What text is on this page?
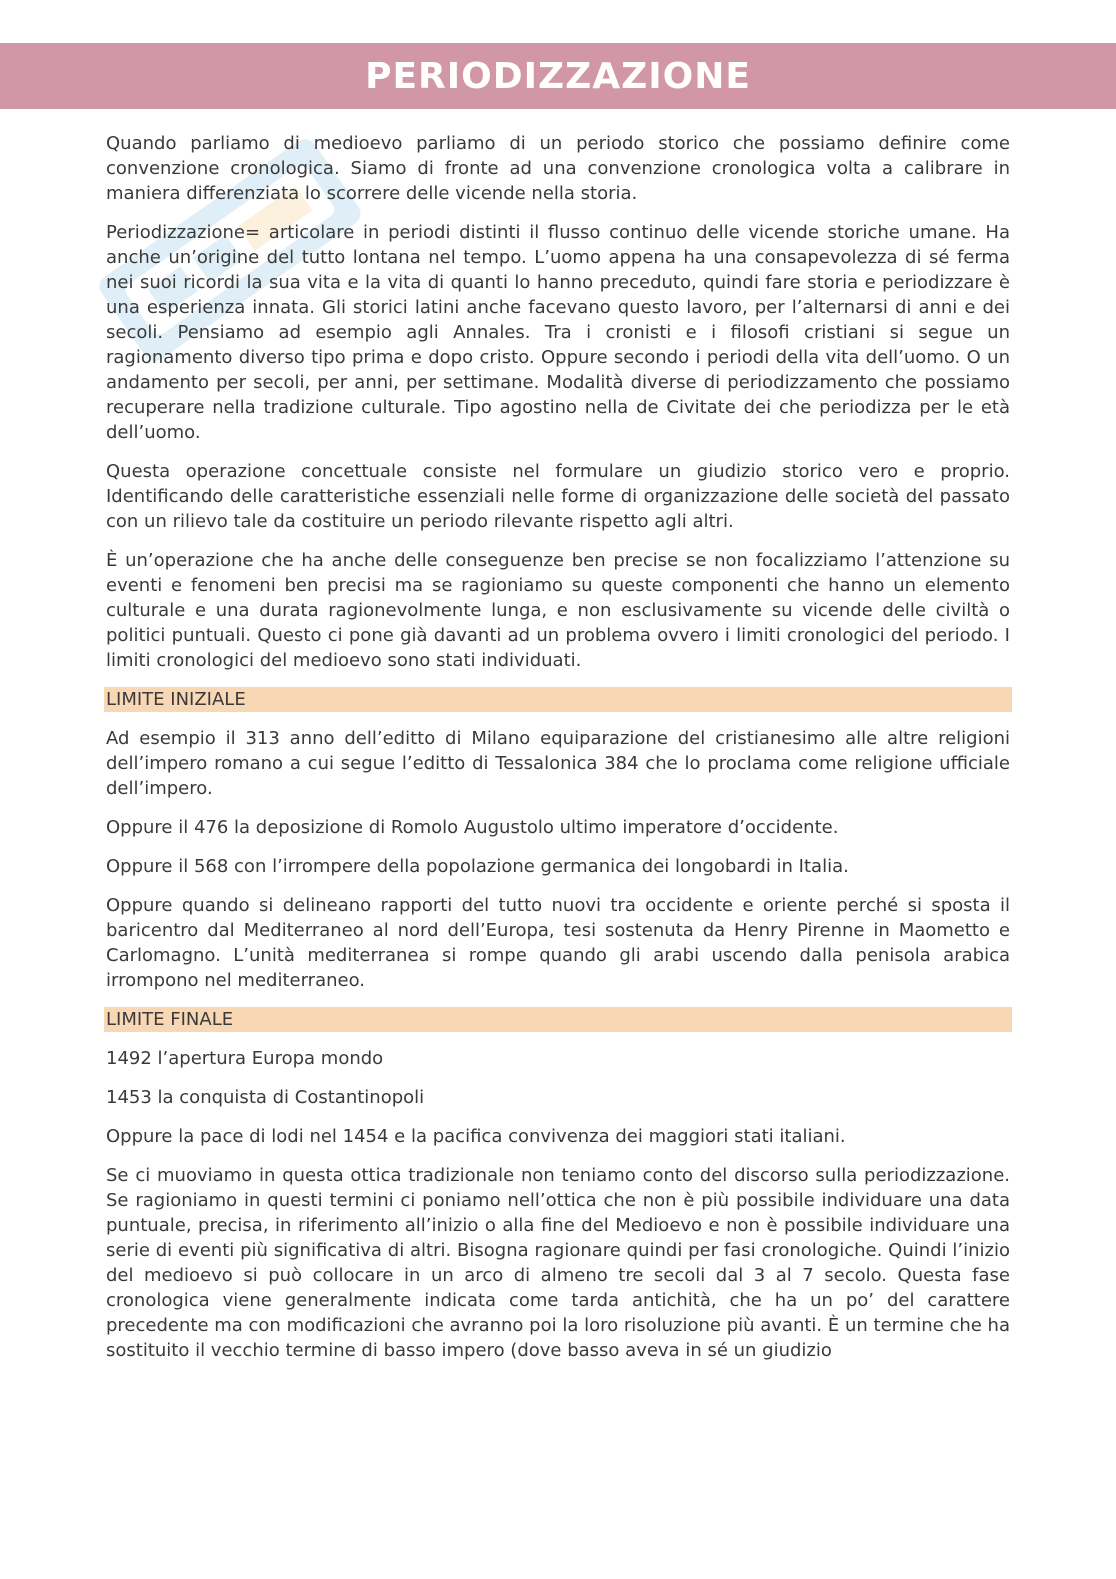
PERIODIZZAZIONE

Quando parliamo di medioevo parliamo di un periodo storico che possiamo definire come convenzione cronologica. Siamo di fronte ad una convenzione cronologica volta a calibrare in maniera differenziata lo scorrere delle vicende nella storia.

Periodizzazione= articolare in periodi distinti il flusso continuo delle vicende storiche umane. Ha anche un’origine del tutto lontana nel tempo. L’uomo appena ha una consapevolezza di sé ferma nei suoi ricordi la sua vita e la vita di quanti lo hanno preceduto, quindi fare storia e periodizzare è una esperienza innata. Gli storici latini anche facevano questo lavoro, per l’alternarsi di anni e dei secoli. Pensiamo ad esempio agli Annales. Tra i cronisti e i filosofi cristiani si segue un ragionamento diverso tipo prima e dopo cristo. Oppure secondo i periodi della vita dell’uomo. O un andamento per secoli, per anni, per settimane. Modalità diverse di periodizzamento che possiamo recuperare nella tradizione culturale. Tipo agostino nella de Civitate dei che periodizza per le età dell’uomo.

Questa operazione concettuale consiste nel formulare un giudizio storico vero e proprio. Identificando delle caratteristiche essenziali nelle forme di organizzazione delle società del passato con un rilievo tale da costituire un periodo rilevante rispetto agli altri.

È un’operazione che ha anche delle conseguenze ben precise se non focalizziamo l’attenzione su eventi e fenomeni ben precisi ma se ragioniamo su queste componenti che hanno un elemento culturale e una durata ragionevolmente lunga, e non esclusivamente su vicende delle civiltà o politici puntuali. Questo ci pone già davanti ad un problema ovvero i limiti cronologici del periodo. I limiti cronologici del medioevo sono stati individuati.

LIMITE INIZIALE

Ad esempio il 313 anno dell’editto di Milano equiparazione del cristianesimo alle altre religioni dell’impero romano a cui segue l’editto di Tessalonica 384 che lo proclama come religione ufficiale dell’impero.

Oppure il 476 la deposizione di Romolo Augustolo ultimo imperatore d’occidente.

Oppure il 568 con l’irrompere della popolazione germanica dei longobardi in Italia.

Oppure quando si delineano rapporti del tutto nuovi tra occidente e oriente perché si sposta il baricentro dal Mediterraneo al nord dell’Europa, tesi sostenuta da Henry Pirenne in Maometto e Carlomagno. L’unità mediterranea si rompe quando gli arabi uscendo dalla penisola arabica irrompono nel mediterraneo.

LIMITE FINALE

1492 l’apertura Europa mondo

1453 la conquista di Costantinopoli

Oppure la pace di lodi nel 1454 e la pacifica convivenza dei maggiori stati italiani.

Se ci muoviamo in questa ottica tradizionale non teniamo conto del discorso sulla periodizzazione. Se ragioniamo in questi termini ci poniamo nell’ottica che non è più possibile individuare una data puntuale, precisa, in riferimento all’inizio o alla fine del Medioevo e non è possibile individuare una serie di eventi più significativa di altri. Bisogna ragionare quindi per fasi cronologiche. Quindi l’inizio del medioevo si può collocare in un arco di almeno tre secoli dal 3 al 7 secolo. Questa fase cronologica viene generalmente indicata come tarda antichità, che ha un po’ del carattere precedente ma con modificazioni che avranno poi la loro risoluzione più avanti. È un termine che ha sostituito il vecchio termine di basso impero (dove basso aveva in sé un giudizio
